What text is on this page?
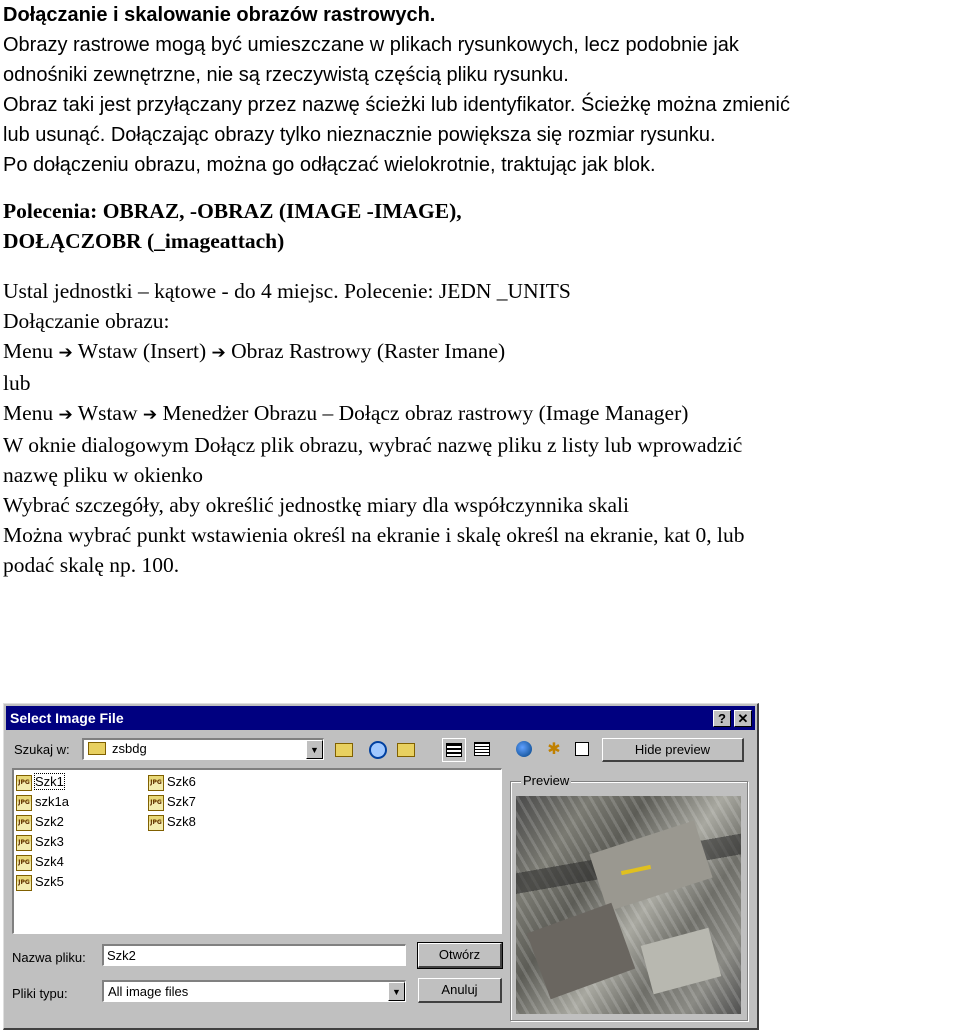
Dołączanie i skalowanie obrazów rastrowych.
Obrazy rastrowe mogą być umieszczane w plikach rysunkowych, lecz podobnie jak
odnośniki zewnętrzne, nie są rzeczywistą częścią pliku rysunku.
Obraz taki jest przyłączany przez nazwę ścieżki lub identyfikator. Ścieżkę można zmienić
lub usunąć. Dołączając obrazy tylko nieznacznie powiększa się rozmiar rysunku.
Po dołączeniu obrazu, można go odłączać wielokrotnie, traktując jak blok.
Polecenia: OBRAZ, -OBRAZ (IMAGE -IMAGE),
DOŁĄCZOBR (_imageattach)
Ustal jednostki – kątowe - do 4 miejsc. Polecenie: JEDN _UNITS
Dołączanie obrazu:
Menu ➔ Wstaw (Insert) ➔ Obraz Rastrowy (Raster Imane)
lub
Menu ➔ Wstaw ➔ Menedżer Obrazu – Dołącz obraz rastrowy (Image Manager)
W oknie dialogowym Dołącz plik obrazu, wybrać nazwę pliku z listy lub wprowadzić
nazwę pliku w okienko
Wybrać szczegóły, aby określić jednostkę miary dla współczynnika skali
Można wybrać punkt wstawienia określ na ekranie i skalę określ na ekranie, kat 0, lub
podać skalę np. 100.
Select Image File	? ✕
Szukaj w:	zsbdg	▼	✱	Hide preview
JPG Szk1
JPG szk1a
JPG Szk2
JPG Szk3
JPG Szk4
JPG Szk5
JPG Szk6
JPG Szk7
JPG Szk8
Preview
Nazwa pliku:	Szk2	Otwórz
Pliki typu:	All image files	▼	Anuluj
